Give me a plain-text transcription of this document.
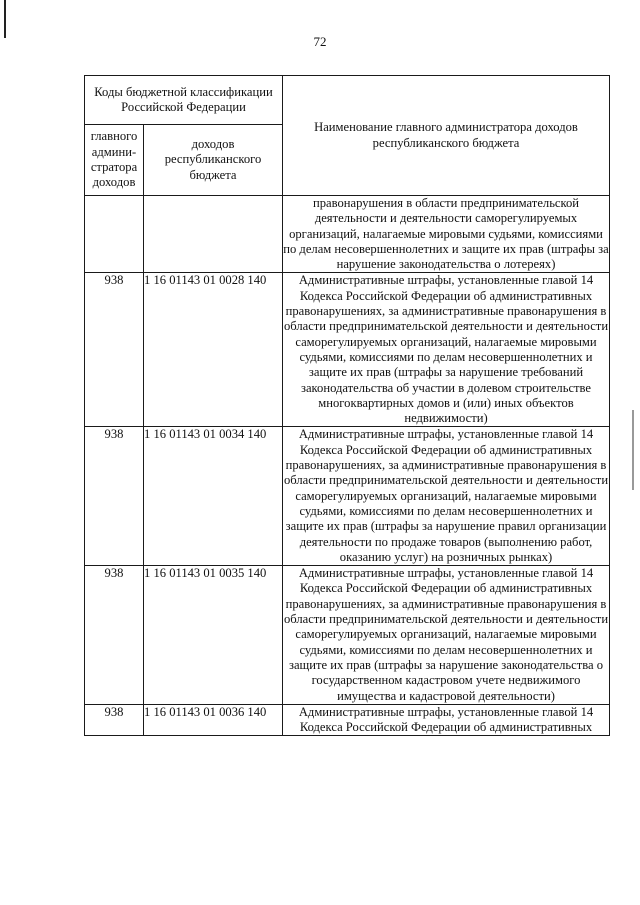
72
Коды бюджетной классификации Российской Федерации		Наименование главного администратора доходов республиканского бюджета
главного админи-стратора доходов	доходов республиканского бюджета	
		правонарушения в области предпринимательской деятельности и деятельности саморегулируемых организаций, налагаемые мировыми судьями, комиссиями по делам несовершеннолетних и защите их прав (штрафы за нарушение законодательства о лотереях)
938	1 16 01143 01 0028 140	Административные штрафы, установленные главой 14 Кодекса Российской Федерации об административных правонарушениях, за административные правонарушения в области предпринимательской деятельности и деятельности саморегулируемых организаций, налагаемые мировыми судьями, комиссиями по делам несовершеннолетних и защите их прав (штрафы за нарушение требований законодательства об участии в долевом строительстве многоквартирных домов и (или) иных объектов недвижимости)
938	1 16 01143 01 0034 140	Административные штрафы, установленные главой 14 Кодекса Российской Федерации об административных правонарушениях, за административные правонарушения в области предпринимательской деятельности и деятельности саморегулируемых организаций, налагаемые мировыми судьями, комиссиями по делам несовершеннолетних и защите их прав (штрафы за нарушение правил организации деятельности по продаже товаров (выполнению работ, оказанию услуг) на розничных рынках)
938	1 16 01143 01 0035 140	Административные штрафы, установленные главой 14 Кодекса Российской Федерации об административных правонарушениях, за административные правонарушения в области предпринимательской деятельности и деятельности саморегулируемых организаций, налагаемые мировыми судьями, комиссиями по делам несовершеннолетних и защите их прав (штрафы за нарушение законодательства о государственном кадастровом учете недвижимого имущества и кадастровой деятельности)
938	1 16 01143 01 0036 140	Административные штрафы, установленные главой 14 Кодекса Российской Федерации об административных
